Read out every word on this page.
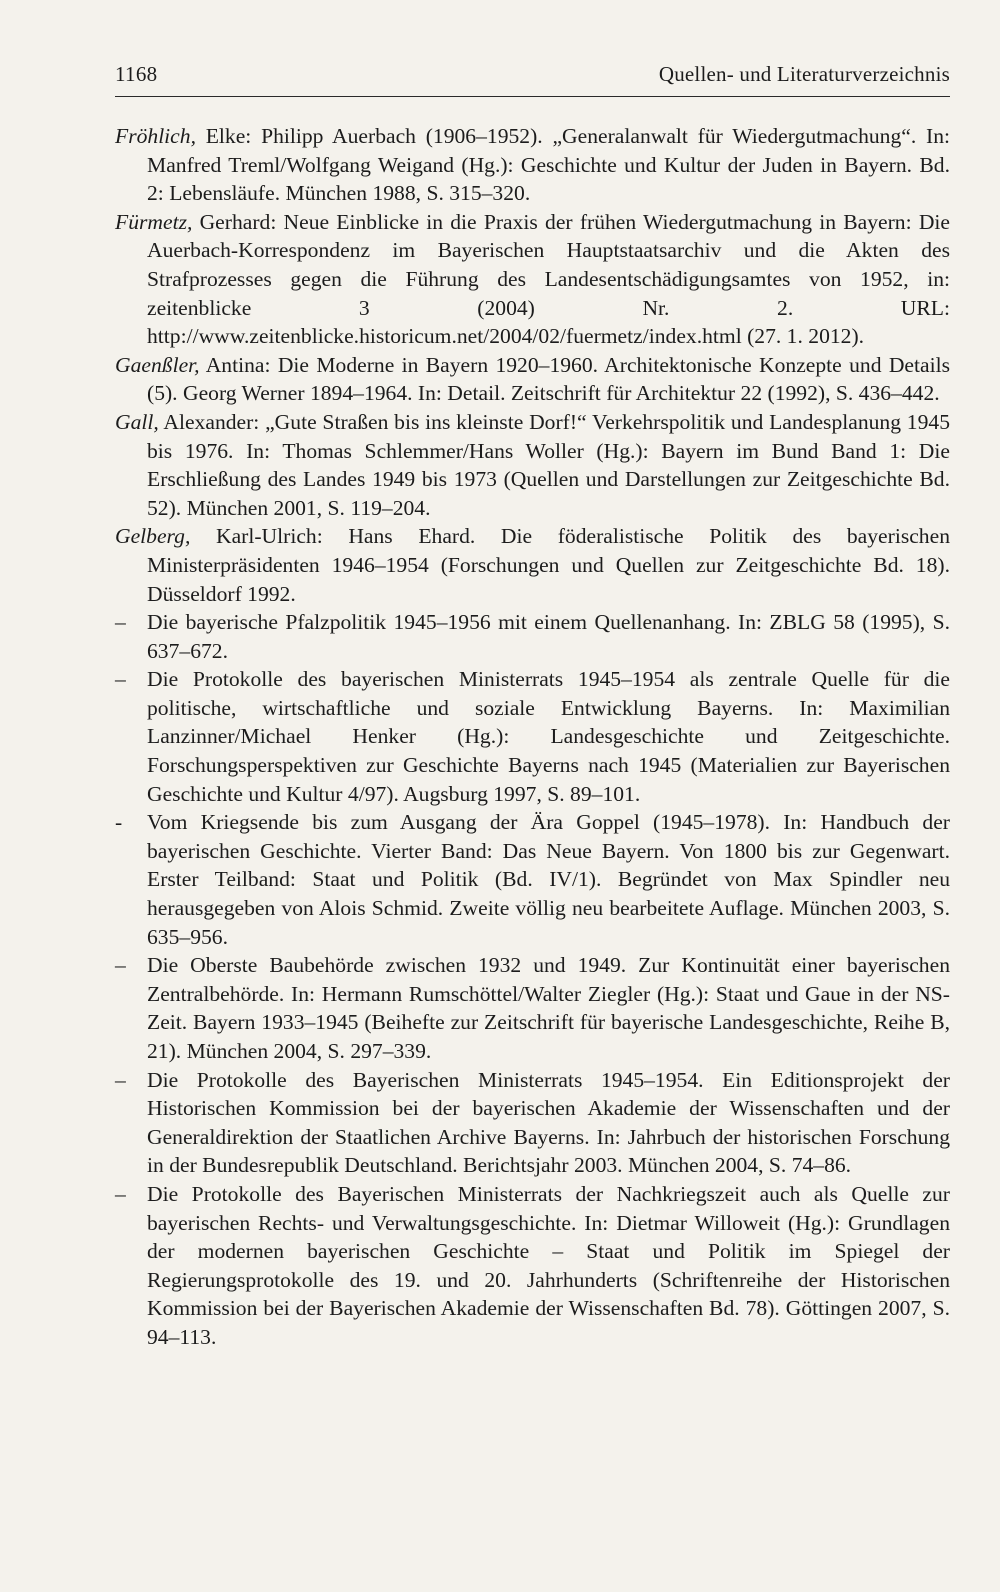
1168	Quellen- und Literaturverzeichnis

Fröhlich, Elke: Philipp Auerbach (1906–1952). „Generalanwalt für Wiedergutmachung“. In: Manfred Treml/Wolfgang Weigand (Hg.): Geschichte und Kultur der Juden in Bayern. Bd. 2: Lebensläufe. München 1988, S. 315–320.

Fürmetz, Gerhard: Neue Einblicke in die Praxis der frühen Wiedergutmachung in Bayern: Die Auerbach-Korrespondenz im Bayerischen Hauptstaatsarchiv und die Akten des Strafprozesses gegen die Führung des Landesentschädigungsamtes von 1952, in: zeitenblicke 3 (2004) Nr. 2. URL: http://www.zeitenblicke.historicum.net/2004/02/fuermetz/index.html (27. 1. 2012).

Gaenßler, Antina: Die Moderne in Bayern 1920–1960. Architektonische Konzepte und Details (5). Georg Werner 1894–1964. In: Detail. Zeitschrift für Architektur 22 (1992), S. 436–442.

Gall, Alexander: „Gute Straßen bis ins kleinste Dorf!“ Verkehrspolitik und Landesplanung 1945 bis 1976. In: Thomas Schlemmer/Hans Woller (Hg.): Bayern im Bund Band 1: Die Erschließung des Landes 1949 bis 1973 (Quellen und Darstellungen zur Zeitgeschichte Bd. 52). München 2001, S. 119–204.

Gelberg, Karl-Ulrich: Hans Ehard. Die föderalistische Politik des bayerischen Ministerpräsidenten 1946–1954 (Forschungen und Quellen zur Zeitgeschichte Bd. 18). Düsseldorf 1992.

– Die bayerische Pfalzpolitik 1945–1956 mit einem Quellenanhang. In: ZBLG 58 (1995), S. 637–672.

– Die Protokolle des bayerischen Ministerrats 1945–1954 als zentrale Quelle für die politische, wirtschaftliche und soziale Entwicklung Bayerns. In: Maximilian Lanzinner/Michael Henker (Hg.): Landesgeschichte und Zeitgeschichte. Forschungsperspektiven zur Geschichte Bayerns nach 1945 (Materialien zur Bayerischen Geschichte und Kultur 4/97). Augsburg 1997, S. 89–101.

-	Vom Kriegsende bis zum Ausgang der Ära Goppel (1945–1978). In: Handbuch der bayerischen Geschichte. Vierter Band: Das Neue Bayern. Von 1800 bis zur Gegenwart. Erster Teilband: Staat und Politik (Bd. IV/1). Begründet von Max Spindler neu herausgegeben von Alois Schmid. Zweite völlig neu bearbeitete Auflage. München 2003, S. 635–956.

– Die Oberste Baubehörde zwischen 1932 und 1949. Zur Kontinuität einer bayerischen Zentralbehörde. In: Hermann Rumschöttel/Walter Ziegler (Hg.): Staat und Gaue in der NS-Zeit. Bayern 1933–1945 (Beihefte zur Zeitschrift für bayerische Landesgeschichte, Reihe B, 21). München 2004, S. 297–339.

– Die Protokolle des Bayerischen Ministerrats 1945–1954. Ein Editionsprojekt der Historischen Kommission bei der bayerischen Akademie der Wissenschaften und der Generaldirektion der Staatlichen Archive Bayerns. In: Jahrbuch der historischen Forschung in der Bundesrepublik Deutschland. Berichtsjahr 2003. München 2004, S. 74–86.

– Die Protokolle des Bayerischen Ministerrats der Nachkriegszeit auch als Quelle zur bayerischen Rechts- und Verwaltungsgeschichte. In: Dietmar Willoweit (Hg.): Grundlagen der modernen bayerischen Geschichte – Staat und Politik im Spiegel der Regierungsprotokolle des 19. und 20. Jahrhunderts (Schriftenreihe der Historischen Kommission bei der Bayerischen Akademie der Wissenschaften Bd. 78). Göttingen 2007, S. 94–113.
